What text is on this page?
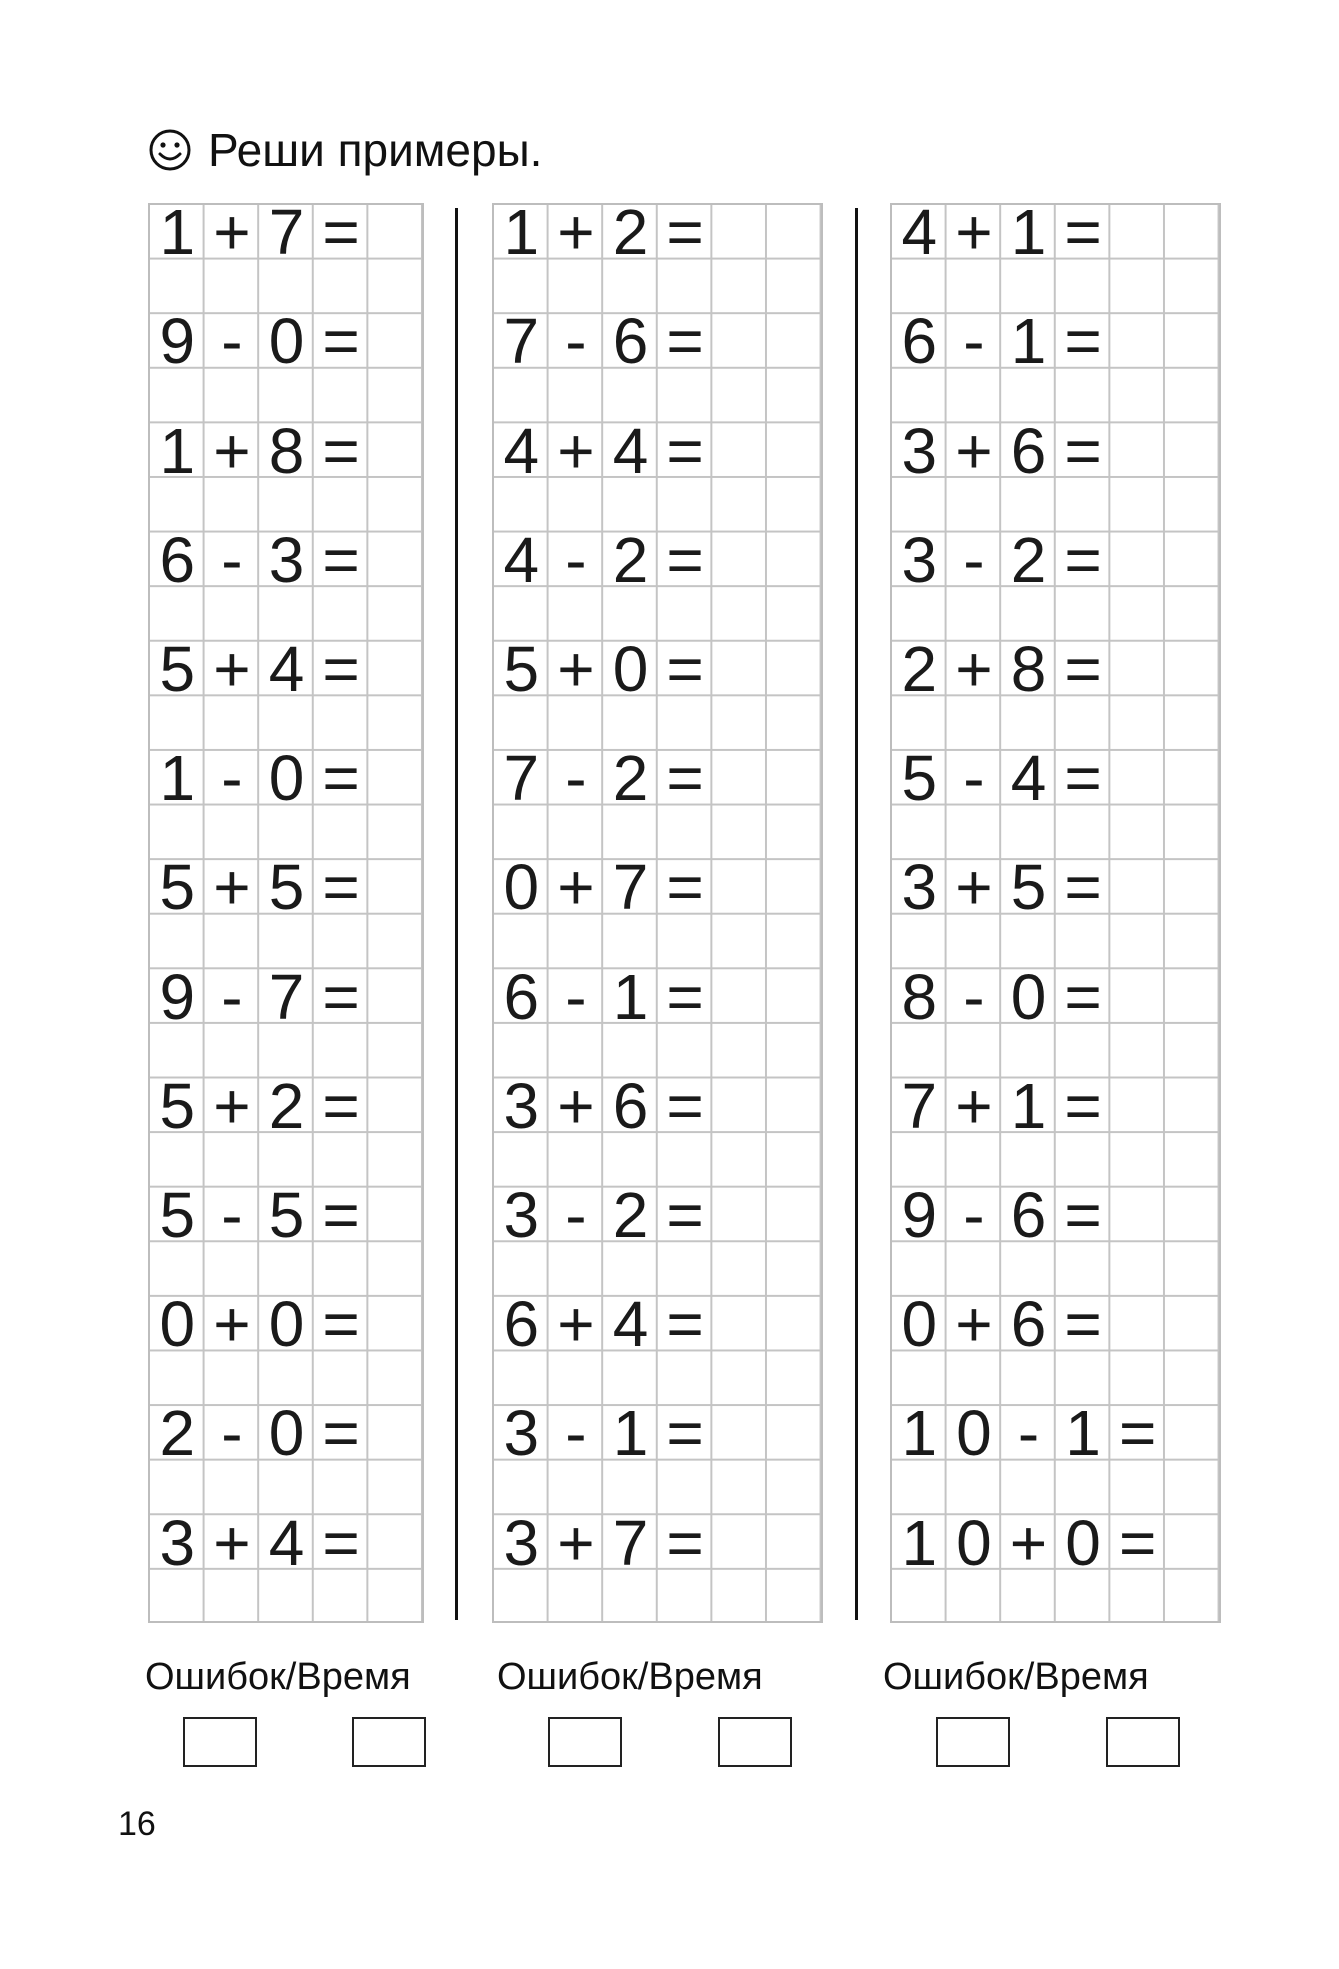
Реши примеры.
1 + 7 =
9 - 0 =
1 + 8 =
6 - 3 =
5 + 4 =
1 - 0 =
5 + 5 =
9 - 7 =
5 + 2 =
5 - 5 =
0 + 0 =
2 - 0 =
3 + 4 =
1 + 2 =
7 - 6 =
4 + 4 =
4 - 2 =
5 + 0 =
7 - 2 =
0 + 7 =
6 - 1 =
3 + 6 =
3 - 2 =
6 + 4 =
3 - 1 =
3 + 7 =
4 + 1 =
6 - 1 =
3 + 6 =
3 - 2 =
2 + 8 =
5 - 4 =
3 + 5 =
8 - 0 =
7 + 1 =
9 - 6 =
0 + 6 =
1 0 - 1 =
1 0 + 0 =
Ошибок/Время Ошибок/Время	Ошибок/Время
16
